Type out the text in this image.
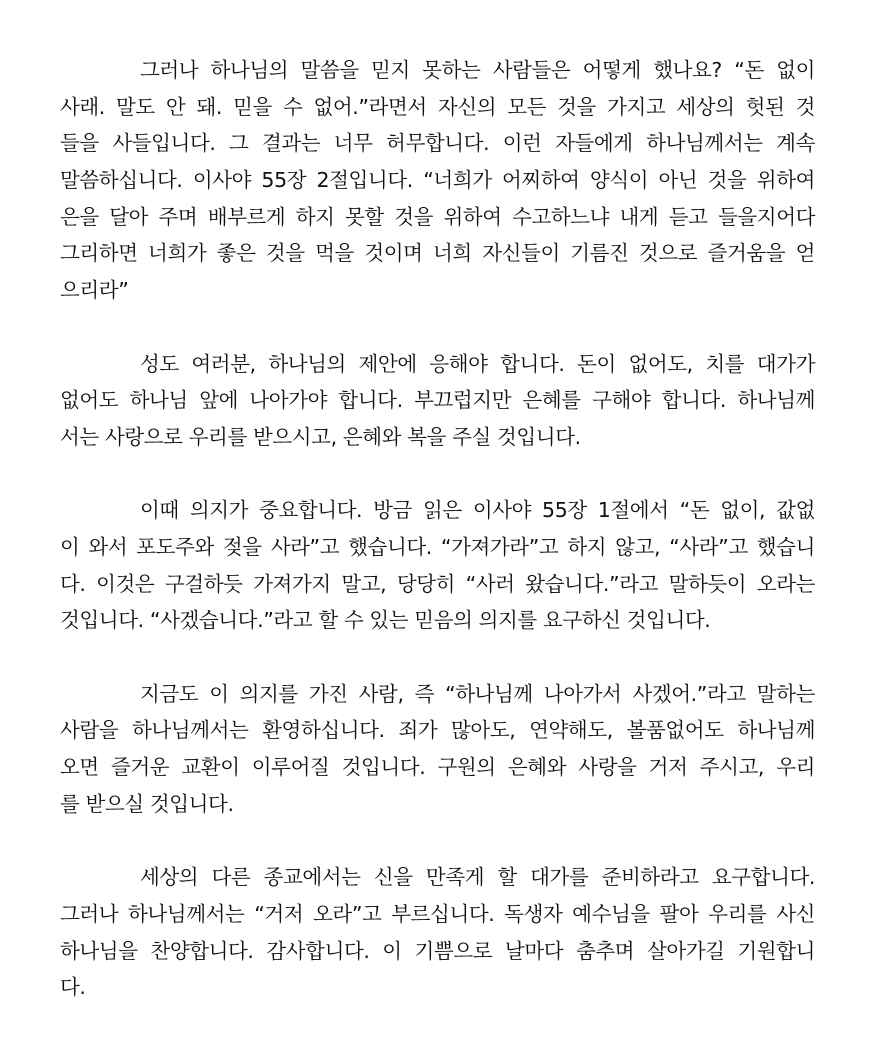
그러나 하나님의 말씀을 믿지 못하는 사람들은 어떻게 했나요? “돈 없이
사래. 말도 안 돼. 믿을 수 없어.”라면서 자신의 모든 것을 가지고 세상의 헛된 것
들을 사들입니다. 그 결과는 너무 허무합니다. 이런 자들에게 하나님께서는 계속
말씀하십니다. 이사야 55장 2절입니다. “너희가 어찌하여 양식이 아닌 것을 위하여
은을 달아 주며 배부르게 하지 못할 것을 위하여 수고하느냐 내게 듣고 들을지어다
그리하면 너희가 좋은 것을 먹을 것이며 너희 자신들이 기름진 것으로 즐거움을 얻
으리라”

성도 여러분, 하나님의 제안에 응해야 합니다. 돈이 없어도, 치를 대가가
없어도 하나님 앞에 나아가야 합니다. 부끄럽지만 은혜를 구해야 합니다. 하나님께
서는 사랑으로 우리를 받으시고, 은혜와 복을 주실 것입니다.

이때 의지가 중요합니다. 방금 읽은 이사야 55장 1절에서 “돈 없이, 값없
이 와서 포도주와 젖을 사라”고 했습니다. “가져가라”고 하지 않고, “사라”고 했습니
다. 이것은 구걸하듯 가져가지 말고, 당당히 “사러 왔습니다.”라고 말하듯이 오라는
것입니다. “사겠습니다.”라고 할 수 있는 믿음의 의지를 요구하신 것입니다.

지금도 이 의지를 가진 사람, 즉 “하나님께 나아가서 사겠어.”라고 말하는
사람을 하나님께서는 환영하십니다. 죄가 많아도, 연약해도, 볼품없어도 하나님께
오면 즐거운 교환이 이루어질 것입니다. 구원의 은혜와 사랑을 거저 주시고, 우리
를 받으실 것입니다.

세상의 다른 종교에서는 신을 만족게 할 대가를 준비하라고 요구합니다.
그러나 하나님께서는 “거저 오라”고 부르십니다. 독생자 예수님을 팔아 우리를 사신
하나님을 찬양합니다. 감사합니다. 이 기쁨으로 날마다 춤추며 살아가길 기원합니
다.
